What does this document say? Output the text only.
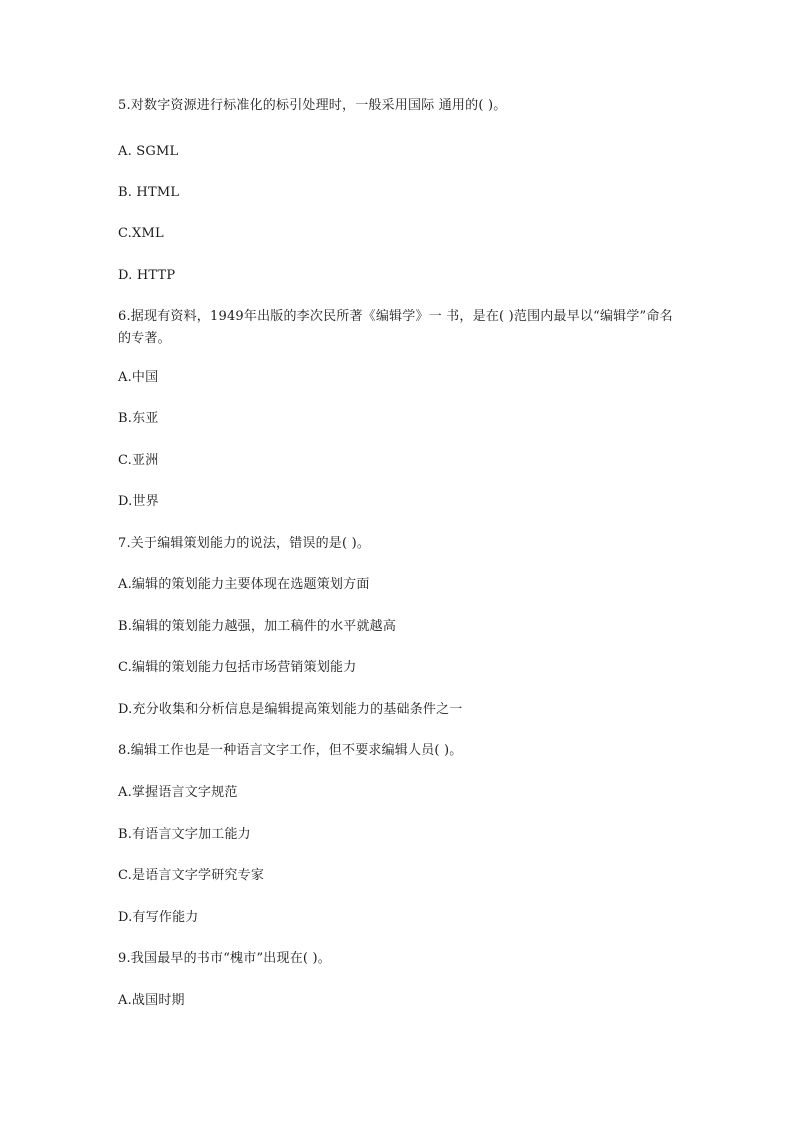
5.对数字资源进行标准化的标引处理时，一般采用国际 通用的( )。
A. SGML
B. HTML
C.XML
D. HTTP
6.据现有资料，1949年出版的李次民所著《编辑学》一 书，是在( )范围内最早以“编辑学”命名的专著。
A.中国
B.东亚
C.亚洲
D.世界
7.关于编辑策划能力的说法，错误的是( )。
A.编辑的策划能力主要体现在选题策划方面
B.编辑的策划能力越强，加工稿件的水平就越高
C.编辑的策划能力包括市场营销策划能力
D.充分收集和分析信息是编辑提高策划能力的基础条件之一
8.编辑工作也是一种语言文字工作，但不要求编辑人员( )。
A.掌握语言文字规范
B.有语言文字加工能力
C.是语言文字学研究专家
D.有写作能力
9.我国最早的书市“槐市”出现在( )。
A.战国时期
